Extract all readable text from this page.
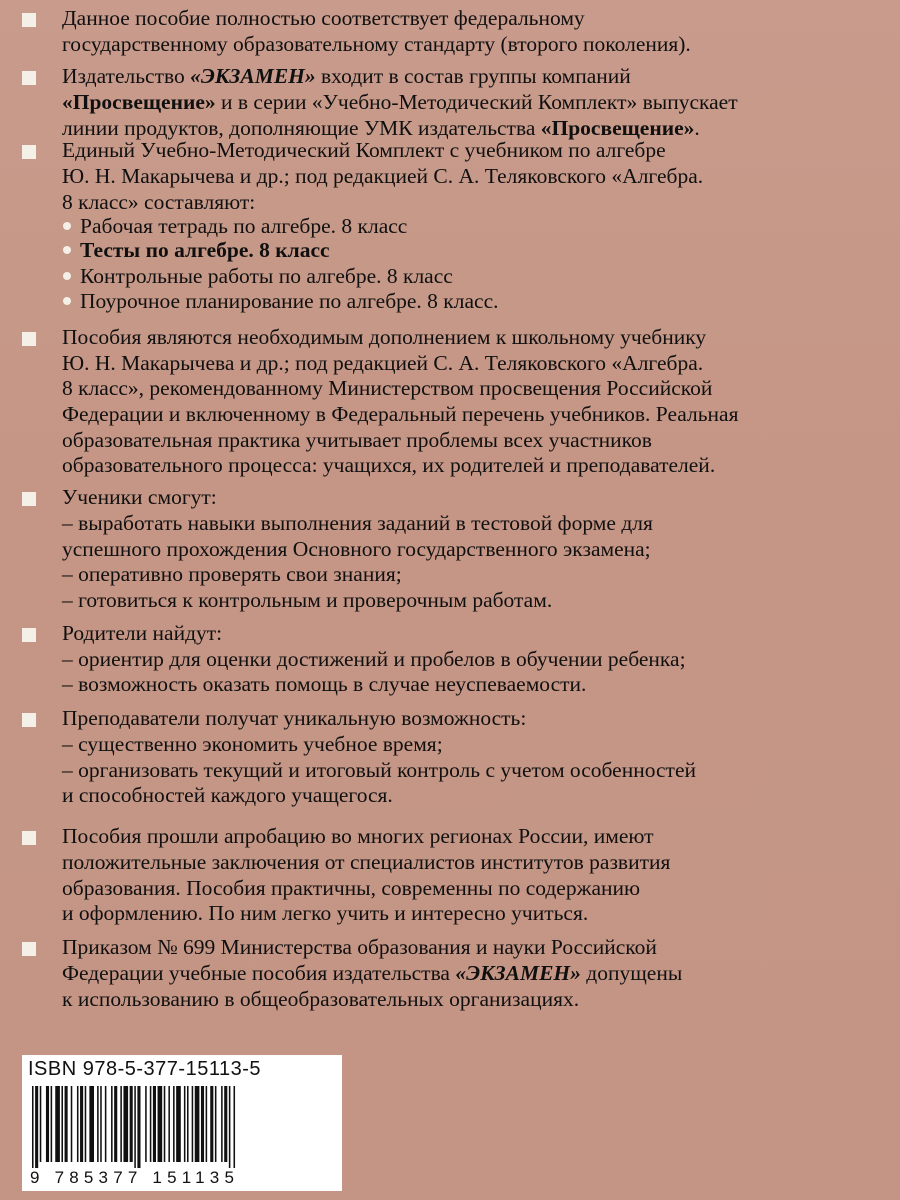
Данное пособие полностью соответствует федеральному
государственному образовательному стандарту (второго поколения).
Издательство «ЭКЗАМЕН» входит в состав группы компаний
«Просвещение» и в серии «Учебно-Методический Комплект» выпускает
линии продуктов, дополняющие УМК издательства «Просвещение».
Единый Учебно-Методический Комплект с учебником по алгебре
Ю. Н. Макарычева и др.; под редакцией С. А. Теляковского «Алгебра.
8 класс» составляют:
Рабочая тетрадь по алгебре. 8 класс
Тесты по алгебре. 8 класс
Контрольные работы по алгебре. 8 класс
Поурочное планирование по алгебре. 8 класс.
Пособия являются необходимым дополнением к школьному учебнику
Ю. Н. Макарычева и др.; под редакцией С. А. Теляковского «Алгебра.
8 класс», рекомендованному Министерством просвещения Российской
Федерации и включенному в Федеральный перечень учебников. Реальная
образовательная практика учитывает проблемы всех участников
образовательного процесса: учащихся, их родителей и преподавателей.
Ученики смогут:
– выработать навыки выполнения заданий в тестовой форме для
успешного прохождения Основного государственного экзамена;
– оперативно проверять свои знания;
– готовиться к контрольным и проверочным работам.
Родители найдут:
– ориентир для оценки достижений и пробелов в обучении ребенка;
– возможность оказать помощь в случае неуспеваемости.
Преподаватели получат уникальную возможность:
– существенно экономить учебное время;
– организовать текущий и итоговый контроль с учетом особенностей
и способностей каждого учащегося.
Пособия прошли апробацию во многих регионах России, имеют
положительные заключения от специалистов институтов развития
образования. Пособия практичны, современны по содержанию
и оформлению. По ним легко учить и интересно учиться.
Приказом № 699 Министерства образования и науки Российской
Федерации учебные пособия издательства «ЭКЗАМЕН» допущены
к использованию в общеобразовательных организациях.
ISBN 978-5-377-15113-5
9 785377 151135
